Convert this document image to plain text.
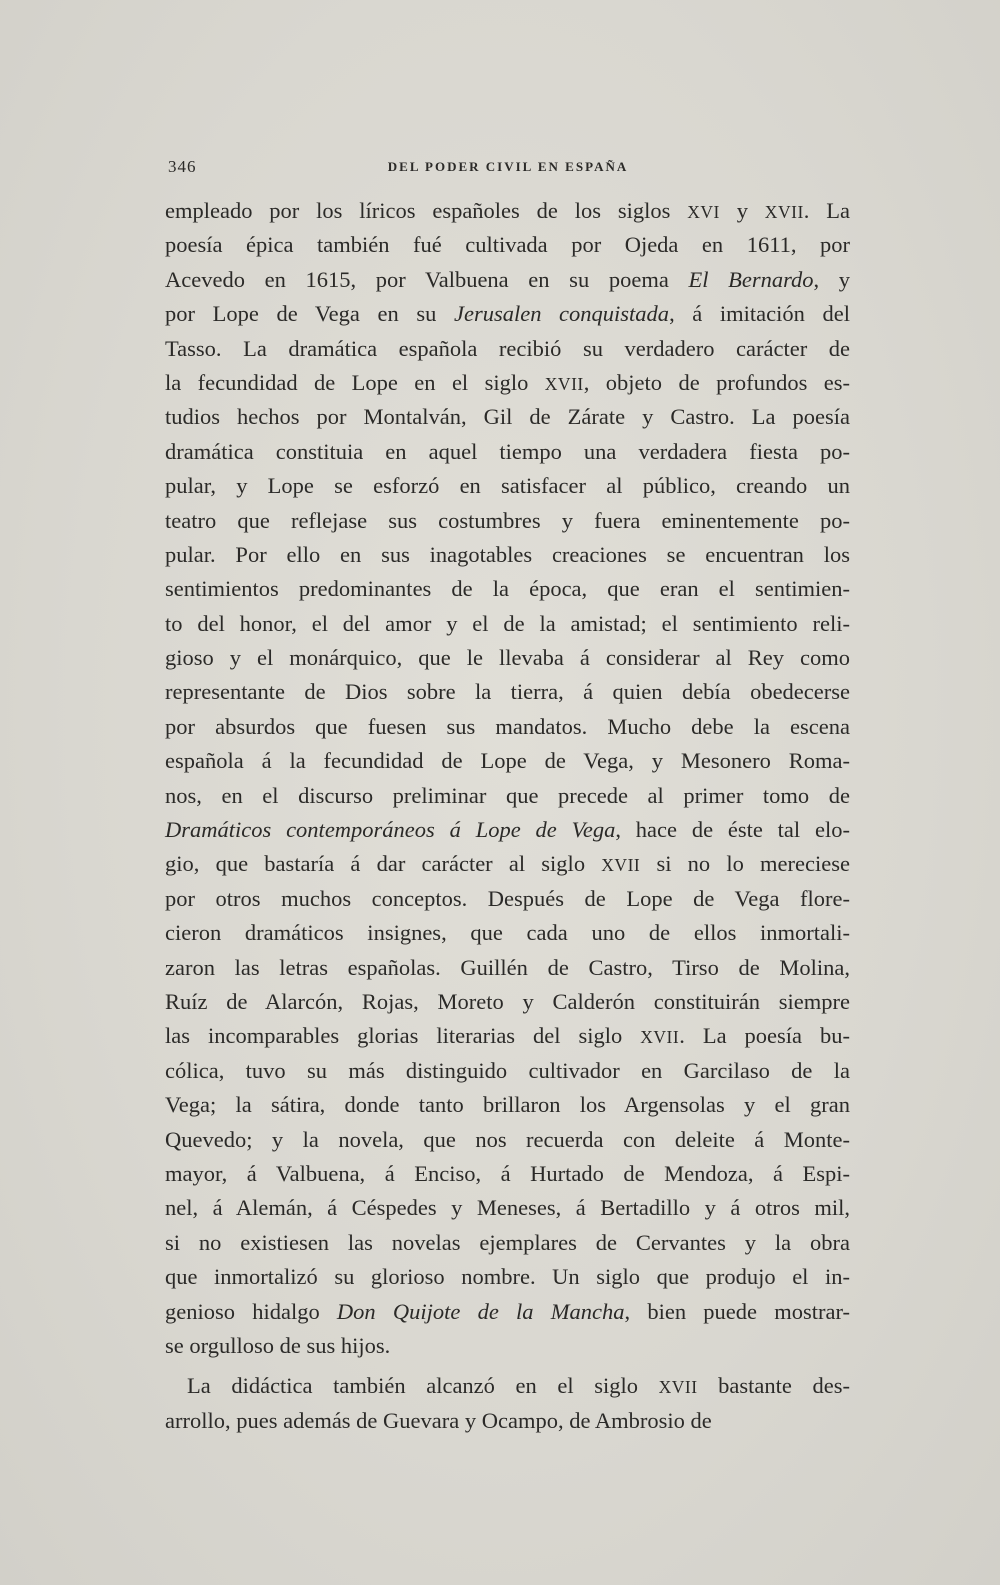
346	DEL PODER CIVIL EN ESPAÑA
empleado por los líricos españoles de los siglos XVI y XVII. La
poesía épica también fué cultivada por Ojeda en 1611, por
Acevedo en 1615, por Valbuena en su poema El Bernardo, y
por Lope de Vega en su Jerusalen conquistada, á imitación del
Tasso. La dramática española recibió su verdadero carácter de
la fecundidad de Lope en el siglo XVII, objeto de profundos es-
tudios hechos por Montalván, Gil de Zárate y Castro. La poesía
dramática constituia en aquel tiempo una verdadera fiesta po-
pular, y Lope se esforzó en satisfacer al público, creando un
teatro que reflejase sus costumbres y fuera eminentemente po-
pular. Por ello en sus inagotables creaciones se encuentran los
sentimientos predominantes de la época, que eran el sentimien-
to del honor, el del amor y el de la amistad; el sentimiento reli-
gioso y el monárquico, que le llevaba á considerar al Rey como
representante de Dios sobre la tierra, á quien debía obedecerse
por absurdos que fuesen sus mandatos. Mucho debe la escena
española á la fecundidad de Lope de Vega, y Mesonero Roma-
nos, en el discurso preliminar que precede al primer tomo de
Dramáticos contemporáneos á Lope de Vega, hace de éste tal elo-
gio, que bastaría á dar carácter al siglo XVII si no lo mereciese
por otros muchos conceptos. Después de Lope de Vega flore-
cieron dramáticos insignes, que cada uno de ellos inmortali-
zaron las letras españolas. Guillén de Castro, Tirso de Molina,
Ruíz de Alarcón, Rojas, Moreto y Calderón constituirán siempre
las incomparables glorias literarias del siglo XVII. La poesía bu-
cólica, tuvo su más distinguido cultivador en Garcilaso de la
Vega; la sátira, donde tanto brillaron los Argensolas y el gran
Quevedo; y la novela, que nos recuerda con deleite á Monte-
mayor, á Valbuena, á Enciso, á Hurtado de Mendoza, á Espi-
nel, á Alemán, á Céspedes y Meneses, á Bertadillo y á otros mil,
si no existiesen las novelas ejemplares de Cervantes y la obra
que inmortalizó su glorioso nombre. Un siglo que produjo el in-
genioso hidalgo Don Quijote de la Mancha, bien puede mostrar-
se orgulloso de sus hijos.
La didáctica también alcanzó en el siglo XVII bastante des-
arrollo, pues además de Guevara y Ocampo, de Ambrosio de
